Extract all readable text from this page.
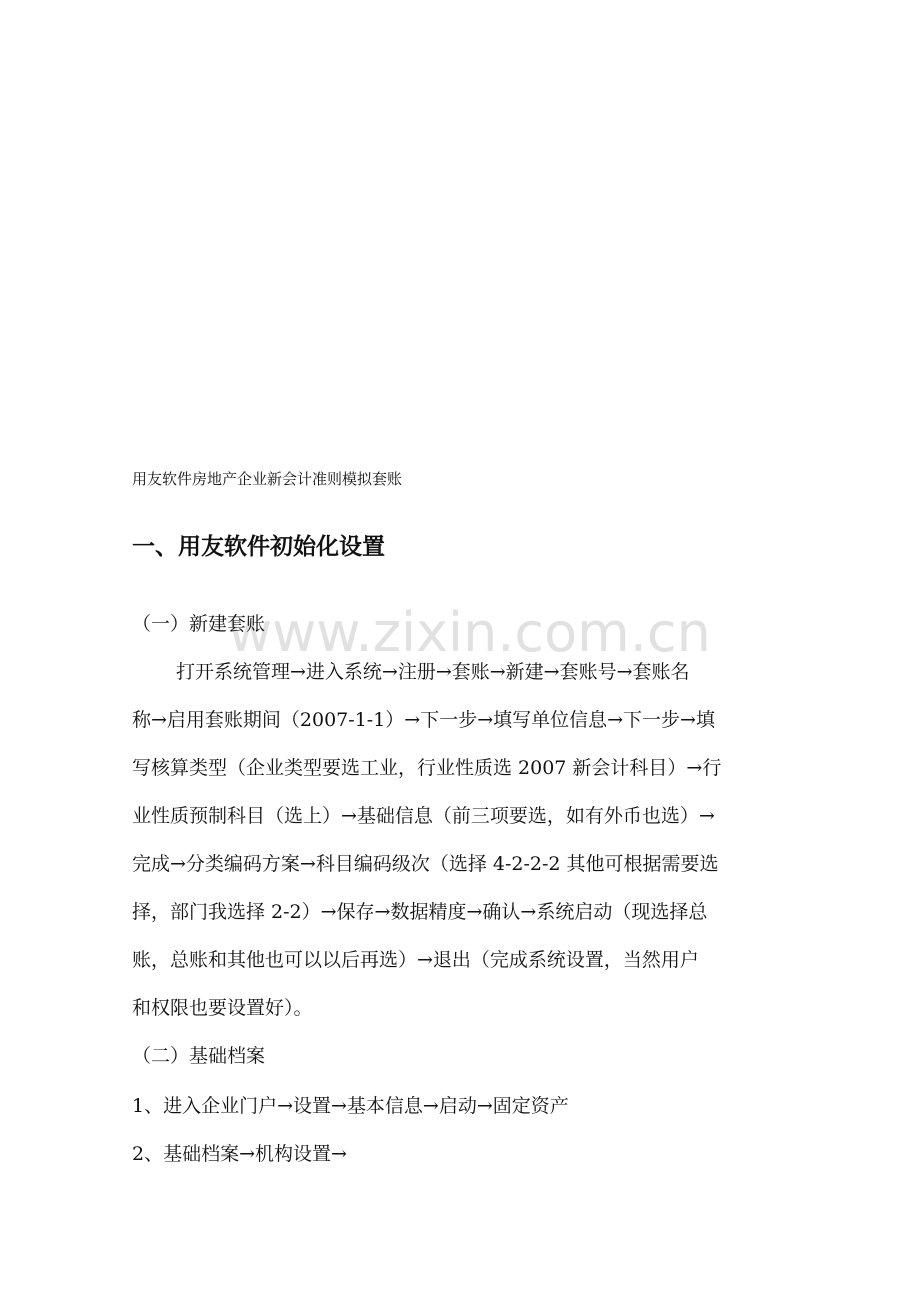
www.zixin.com.cn
用友软件房地产企业新会计准则模拟套账
一、用友软件初始化设置
（一）新建套账
打开系统管理→进入系统→注册→套账→新建→套账号→套账名
称→启用套账期间（2007-1-1）→下一步→填写单位信息→下一步→填
写核算类型（企业类型要选工业，行业性质选 2007 新会计科目）→行
业性质预制科目（选上）→基础信息（前三项要选，如有外币也选）→
完成→分类编码方案→科目编码级次（选择 4-2-2-2 其他可根据需要选
择，部门我选择 2-2）→保存→数据精度→确认→系统启动（现选择总
账，总账和其他也可以以后再选）→退出（完成系统设置，当然用户
和权限也要设置好）。
（二）基础档案
1、进入企业门户→设置→基本信息→启动→固定资产
2、基础档案→机构设置→
